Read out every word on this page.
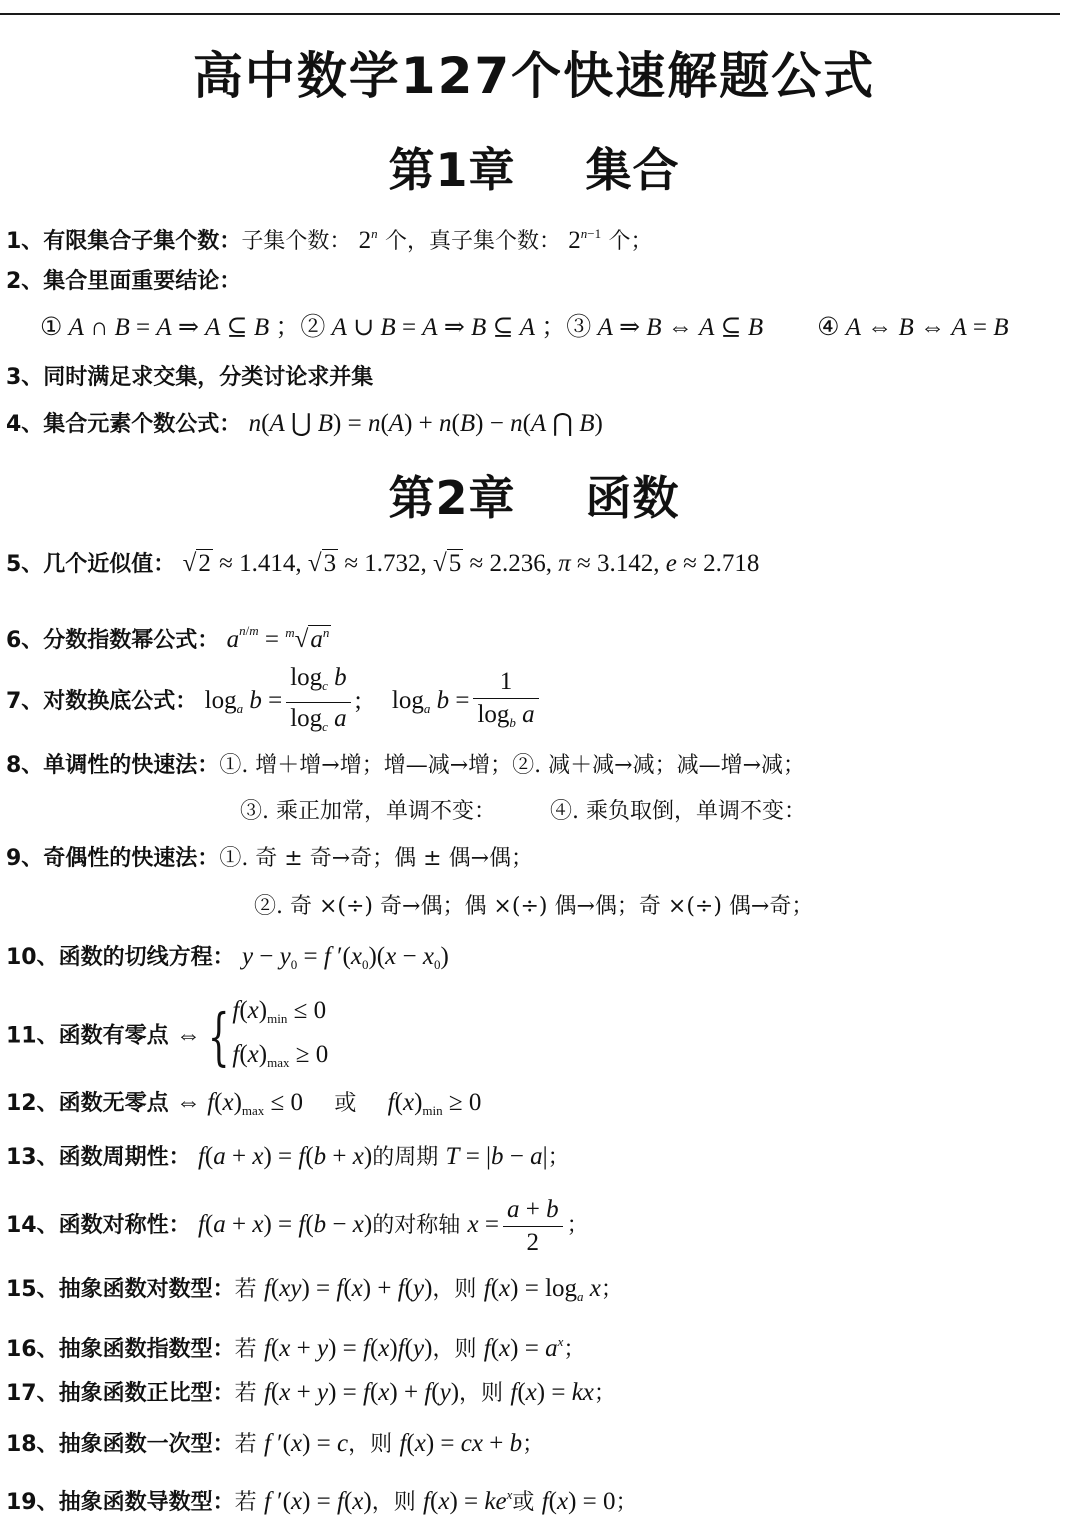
高中数学127个快速解题公式
第1章 集合
1、有限集合子集个数：子集个数： 2$^n$ 个，真子集个数： $2^{n-1}$ 个；
2、集合里面重要结论：
① A ∩ B = A ⇒ A ⊆ B ；② A ∪ B = A ⇒ B ⊆ A ；③ A ⇒ B ⇔ A ⊆ B ④ A ⇔ B ⇔ A = B
3、同时满足求交集，分类讨论求并集
4、集合元素个数公式： n(A ⋃ B) = n(A) + n(B) − n(A ⋂ B)
第2章 函数
5、几个近似值： √2 ≈ 1.414, √3 ≈ 1.732, √5 ≈ 2.236, π ≈ 3.142, e ≈ 2.718
6、分数指数幂公式： $a^{n/m} = ^m√a^n$
7、对数换底公式： $\log_a b = \frac{\log_c b}{\log_c a}$ ; $\log_a b = \frac{1}{\log_b a}$
8、单调性的快速法：①. 增＋增→增；增—减→增；②. 减＋减→减；减—增→减；
③. 乘正加常，单调不变： ④. 乘负取倒，单调不变：
9、奇偶性的快速法：①. 奇 ± 奇→奇；偶 ± 偶→偶；
②. 奇 ×(÷) 奇→偶；偶 ×(÷) 偶→偶；奇 ×(÷) 偶→奇；
10、函数的切线方程： $y - y_0 = f$ $'(x_0)(x - x_0)$
11、函数有零点 ⇔ { $f(x)_{min} \le 0$
$f(x)_{max} \ge 0$
12、函数无零点 ⇔ $f(x)_{max} \le 0$ 或 $f(x)_{min} \ge 0$
13、函数周期性： f(a + x) = f(b + x)的周期 T = |b − a|；
14、函数对称性： f(a + x) = f(b − x)的对称轴 $x = \frac{a + b}{2}$ ；
15、抽象函数对数型：若 f(xy) = f(x) + f(y)，则 $f(x) = \log_a x$；
16、抽象函数指数型：若 f(x + y) = f(x)f(y)，则 $f(x) = a^x$；
17、抽象函数正比型：若 f(x + y) = f(x) + f(y)，则 f(x) = kx；
18、抽象函数一次型：若 f ′(x) = c，则 f(x) = cx + b；
19、抽象函数导数型：若 f ′(x) = f(x)，则 $f(x) = ke^x$或 f(x) = 0；
